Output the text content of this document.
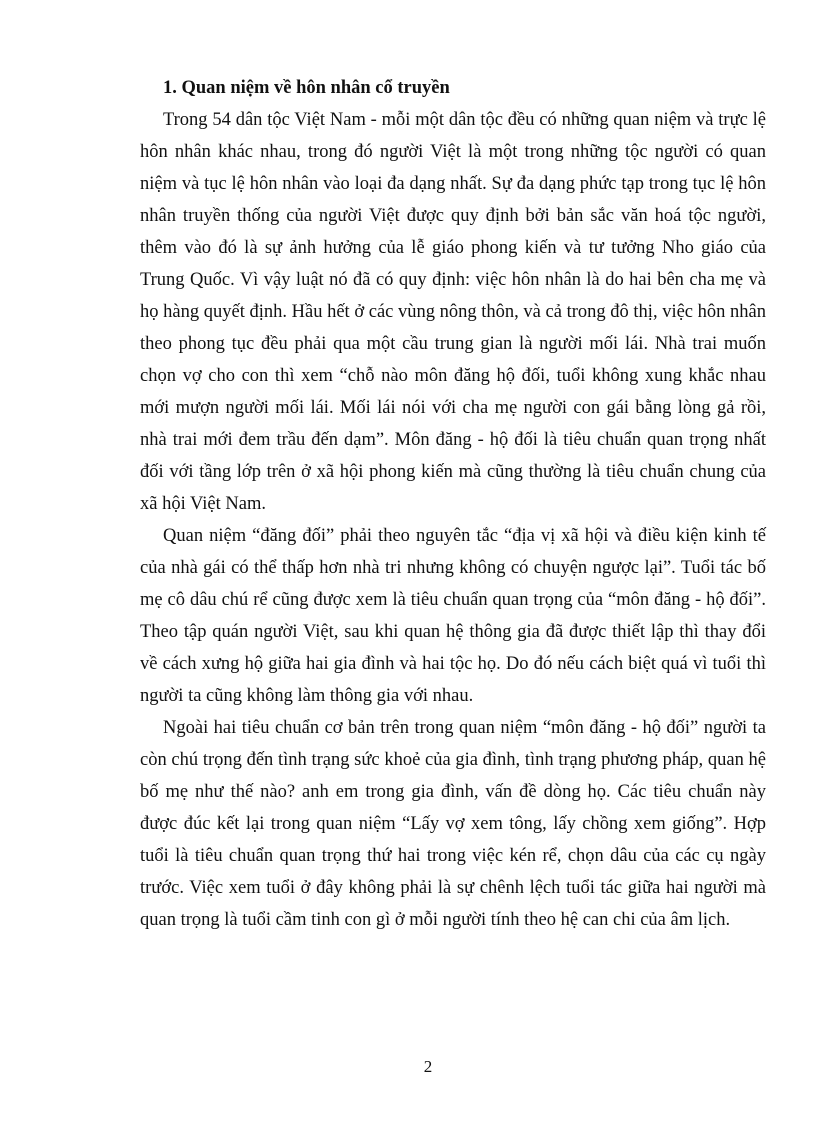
1. Quan niệm về hôn nhân cổ truyền

Trong 54 dân tộc Việt Nam - mỗi một dân tộc đều có những quan niệm và trực lệ hôn nhân khác nhau, trong đó người Việt là một trong những tộc người có quan niệm và tục lệ hôn nhân vào loại đa dạng nhất. Sự đa dạng phức tạp trong tục lệ hôn nhân truyền thống của người Việt được quy định bởi bản sắc văn hoá tộc người, thêm vào đó là sự ảnh hưởng của lễ giáo phong kiến và tư tưởng Nho giáo của Trung Quốc. Vì vậy luật nó đã có quy định: việc hôn nhân là do hai bên cha mẹ và họ hàng quyết định. Hầu hết ở các vùng nông thôn, và cả trong đô thị, việc hôn nhân theo phong tục đều phải qua một cầu trung gian là người mối lái. Nhà trai muốn chọn vợ cho con thì xem “chỗ nào môn đăng hộ đối, tuổi không xung khắc nhau mới mượn người mối lái. Mối lái nói với cha mẹ người con gái bằng lòng gả rồi, nhà trai mới đem trầu đến dạm”. Môn đăng - hộ đối là tiêu chuẩn quan trọng nhất đối với tầng lớp trên ở xã hội phong kiến mà cũng thường là tiêu chuẩn chung của xã hội Việt Nam.

Quan niệm “đăng đối” phải theo nguyên tắc “địa vị xã hội và điều kiện kinh tế của nhà gái có thể thấp hơn nhà tri nhưng không có chuyện ngược lại”. Tuổi tác bố mẹ cô dâu chú rể cũng được xem là tiêu chuẩn quan trọng của “môn đăng - hộ đối”. Theo tập quán người Việt, sau khi quan hệ thông gia đã được thiết lập thì thay đổi về cách xưng hộ giữa hai gia đình và hai tộc họ. Do đó nếu cách biệt quá vì tuổi thì người ta cũng không làm thông gia với nhau.

Ngoài hai tiêu chuẩn cơ bản trên trong quan niệm “môn đăng - hộ đối” người ta còn chú trọng đến tình trạng sức khoẻ của gia đình, tình trạng phương pháp, quan hệ bố mẹ như thế nào? anh em trong gia đình, vấn đề dòng họ. Các tiêu chuẩn này được đúc kết lại trong quan niệm “Lấy vợ xem tông, lấy chồng xem giống”. Hợp tuổi là tiêu chuẩn quan trọng thứ hai trong việc kén rể, chọn dâu của các cụ ngày trước. Việc xem tuổi ở đây không phải là sự chênh lệch tuổi tác giữa hai người mà quan trọng là tuổi cầm tinh con gì ở mỗi người tính theo hệ can chi của âm lịch.

2
